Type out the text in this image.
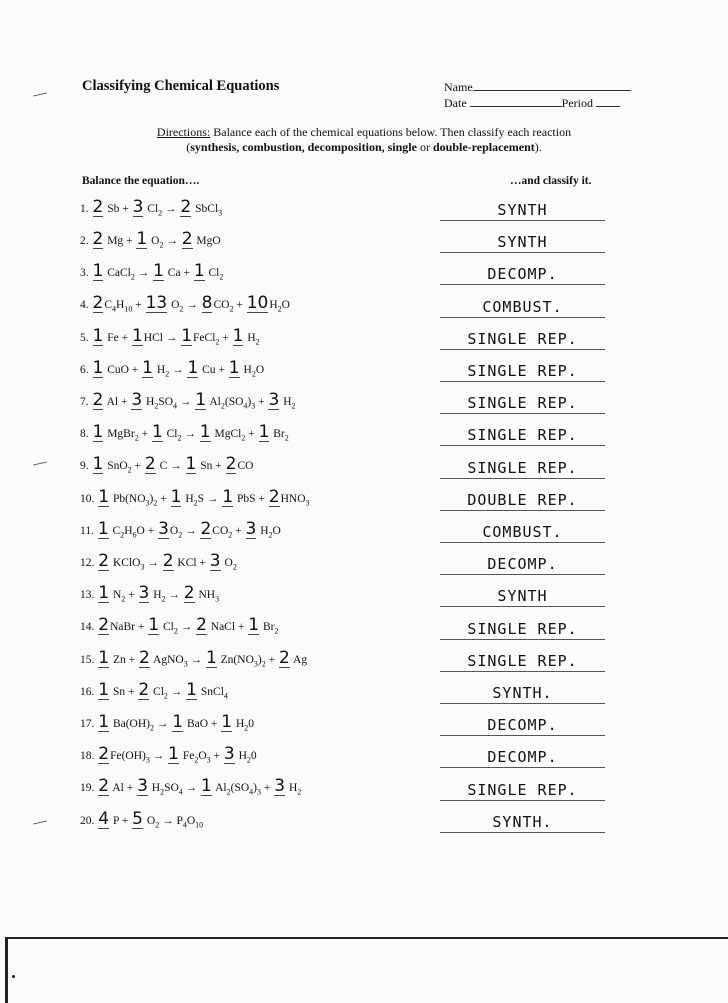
Classifying Chemical Equations	Name
Date	Period
Directions: Balance each of the chemical equations below. Then classify each reaction
(synthesis, combustion, decomposition, single or double-replacement).
Balance the equation….	…and classify it.
1. 2 Sb + 3 $Cl_2 \to 2$ SbCl$_3$	SYNTH
2. 2 Mg + 1 $O_2 \to 2$ MgO	SYNTH
3. 1 CaCl$_2$ → 1 Ca + 1 $Cl_2$	DECOMP.
4. $2C_4H_{10} + 13$ $O_2 \to 8CO_2 + 10H_2O$	COMBUST.
5. 1 Fe + 1HCl → 1FeCl$_2$ + 1 $H_2$	SINGLE REP.
6. 1 CuO + 1 $H_2 \to 1$ Cu + 1 $H_2O$	SINGLE REP.
7. 2 Al + 3 $H_2SO_4 \to 1$ $Al_2(SO_4)_3 + 3$ $H_2$	SINGLE REP.
8. 1 MgBr$_2$ + 1 $Cl_2 \to 1$ MgCl$_2$ + 1 $Br_2$	SINGLE REP.
9. 1 SnO$_2$ + 2 C → 1 Sn + 2CO	SINGLE REP.
10. 1 $Pb(NO_3)_2 + 1$ $H_2S \to 1$ PbS + $2HNO_3$	DOUBLE REP.
11. 1 $C_2H_6O + 3O_2 \to 2CO_2 + 3$ $H_2O$	COMBUST.
12. 2 KClO$_3$ → 2 KCl + 3 $O_2$	DECOMP.
13. 1 $N_2 + 3$ $H_2 \to 2$ $NH_3$	SYNTH
14. 2NaBr + 1 $Cl_2 \to 2$ NaCl + 1 $Br_2$	SINGLE REP.
15. 1 Zn + 2 AgNO$_3$ → 1 $Zn(NO_3)_2 + 2$ Ag	SINGLE REP.
16. 1 Sn + 2 $Cl_2 \to 1$ SnCl$_4$	SYNTH.
17. 1 $Ba(OH)_2 \to 1$ BaO + 1 $H_20$	DECOMP.
18. $2Fe(OH)_3 \to 1$ $Fe_2O_3 + 3$ $H_20$	DECOMP.
19. 2 Al + 3 $H_2SO_4 \to 1$ $Al_2(SO_4)_3 + 3$ $H_2$	SINGLE REP.
20. 4 P + 5 $O_2 \to P_4O_{10}$	SYNTH.
